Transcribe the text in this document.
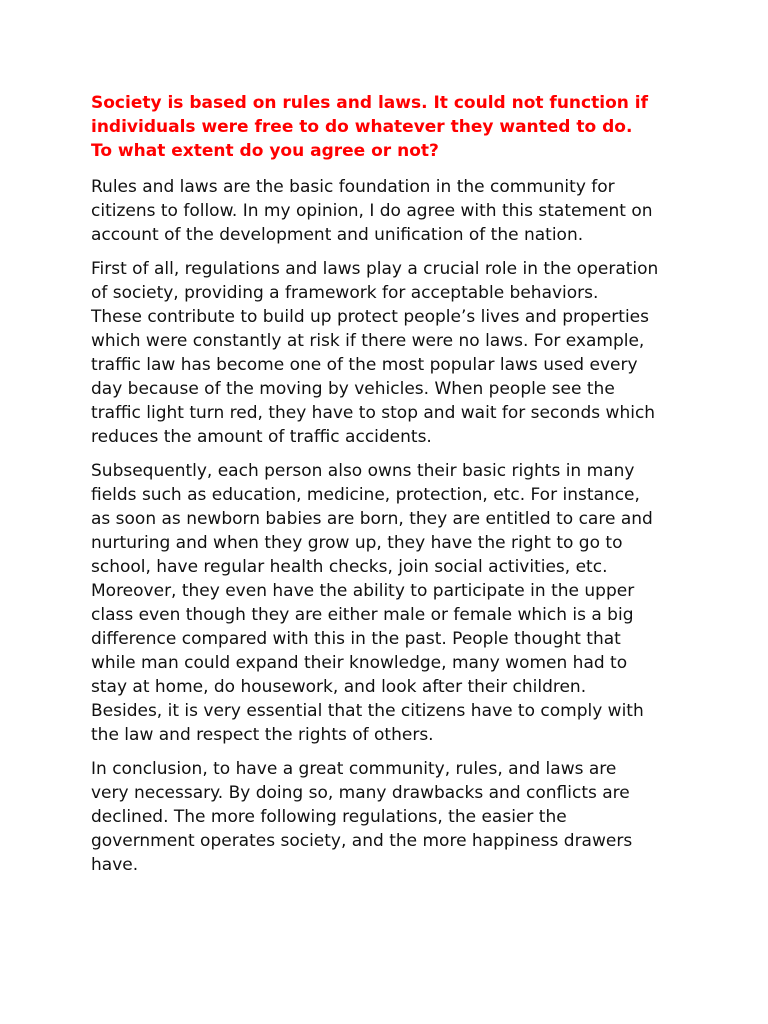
Society is based on rules and laws. It could not function if
individuals were free to do whatever they wanted to do.
To what extent do you agree or not?
Rules and laws are the basic foundation in the community for
citizens to follow. In my opinion, I do agree with this statement on
account of the development and unification of the nation.
First of all, regulations and laws play a crucial role in the operation
of society, providing a framework for acceptable behaviors.
These contribute to build up protect people’s lives and properties
which were constantly at risk if there were no laws. For example,
traffic law has become one of the most popular laws used every
day because of the moving by vehicles. When people see the
traffic light turn red, they have to stop and wait for seconds which
reduces the amount of traffic accidents.
Subsequently, each person also owns their basic rights in many
fields such as education, medicine, protection, etc. For instance,
as soon as newborn babies are born, they are entitled to care and
nurturing and when they grow up, they have the right to go to
school, have regular health checks, join social activities, etc.
Moreover, they even have the ability to participate in the upper
class even though they are either male or female which is a big
difference compared with this in the past. People thought that
while man could expand their knowledge, many women had to
stay at home, do housework, and look after their children.
Besides, it is very essential that the citizens have to comply with
the law and respect the rights of others.
In conclusion, to have a great community, rules, and laws are
very necessary. By doing so, many drawbacks and conflicts are
declined. The more following regulations, the easier the
government operates society, and the more happiness drawers
have.
